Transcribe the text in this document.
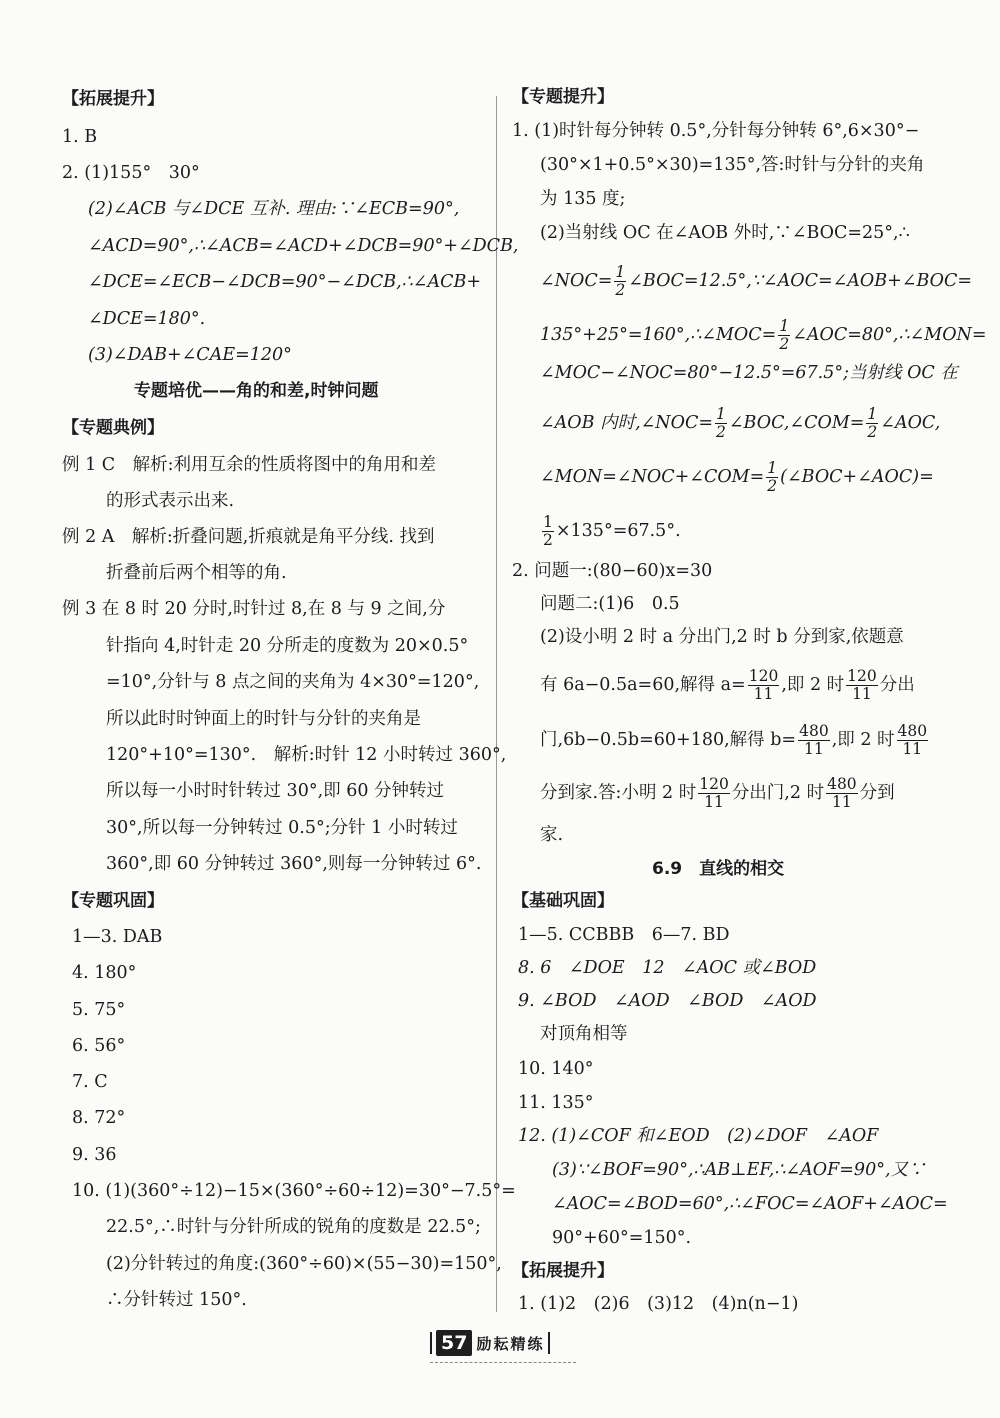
【拓展提升】
1. B
2. (1)155°　30°
(2)∠ACB 与∠DCE 互补. 理由:∵∠ECB=90°,
∠ACD=90°,∴∠ACB=∠ACD+∠DCB=90°+∠DCB,
∠DCE=∠ECB−∠DCB=90°−∠DCB,∴∠ACB+
∠DCE=180°.
(3)∠DAB+∠CAE=120°
专题培优——角的和差,时钟问题
【专题典例】
例 1 C　解析:利用互余的性质将图中的角用和差
的形式表示出来.
例 2 A　解析:折叠问题,折痕就是角平分线. 找到
折叠前后两个相等的角.
例 3 在 8 时 20 分时,时针过 8,在 8 与 9 之间,分
针指向 4,时针走 20 分所走的度数为 20×0.5°
=10°,分针与 8 点之间的夹角为 4×30°=120°,
所以此时时钟面上的时针与分针的夹角是
120°+10°=130°.　解析:时针 12 小时转过 360°,
所以每一小时时针转过 30°,即 60 分钟转过
30°,所以每一分钟转过 0.5°;分针 1 小时转过
360°,即 60 分钟转过 360°,则每一分钟转过 6°.
【专题巩固】
1—3. DAB
4. 180°
5. 75°
6. 56°
7. C
8. 72°
9. 36
10. (1)(360°÷12)−15×(360°÷60÷12)=30°−7.5°=
22.5°,∴时针与分针所成的锐角的度数是 22.5°;
(2)分针转过的角度:(360°÷60)×(55−30)=150°,
∴分针转过 150°.
【专题提升】
1. (1)时针每分钟转 0.5°,分针每分钟转 6°,6×30°−
(30°×1+0.5°×30)=135°,答:时针与分针的夹角
为 135 度;
(2)当射线 OC 在∠AOB 外时,∵∠BOC=25°,∴
∠NOC= $\frac{1}{2}$ ∠BOC=12.5°,∵∠AOC=∠AOB+∠BOC=
135°+25°=160°,∴∠MOC= $\frac{1}{2}$ ∠AOC=80°,∴∠MON=
∠MOC−∠NOC=80°−12.5°=67.5°;当射线 OC 在
∠AOB 内时,∠NOC= $\frac{1}{2}$ ∠BOC,∠COM= $\frac{1}{2}$ ∠AOC,
∠MON=∠NOC+∠COM= $\frac{1}{2}$ (∠BOC+∠AOC)=
$\frac{1}{2} \times 135^\circ=67.5^\circ$.
2. 问题一:(80−60)x=30
问题二:(1)6　0.5
(2)设小明 2 时 a 分出门,2 时 b 分到家,依题意
有 6a−0.5a=60,解得 $a= \frac{120}{11}$ ,即 2 时 $\frac{120}{11}$ 分出
门,6b−0.5b=60+180,解得 $b= \frac{480}{11}$ ,即 2 时 $\frac{480}{11}$
分到家.答:小明 2 时 $\frac{120}{11}$ 分出门,2 时 $\frac{480}{11}$ 分到
家.
6.9　直线的相交
【基础巩固】
1—5. CCBBB　6—7. BD
8. 6　∠DOE　12　∠AOC 或∠BOD
9. ∠BOD　∠AOD　∠BOD　∠AOD
对顶角相等
10. 140°
11. 135°
12. (1)∠COF 和∠EOD　(2)∠DOF　∠AOF
(3)∵∠BOF=90°,∴AB⊥EF,∴∠AOF=90°,又∵
∠AOC=∠BOD=60°,∴∠FOC=∠AOF+∠AOC=
90°+60°=150°.
【拓展提升】
1. (1)2　(2)6　(3)12　(4)n(n−1)
57 励耘精练
